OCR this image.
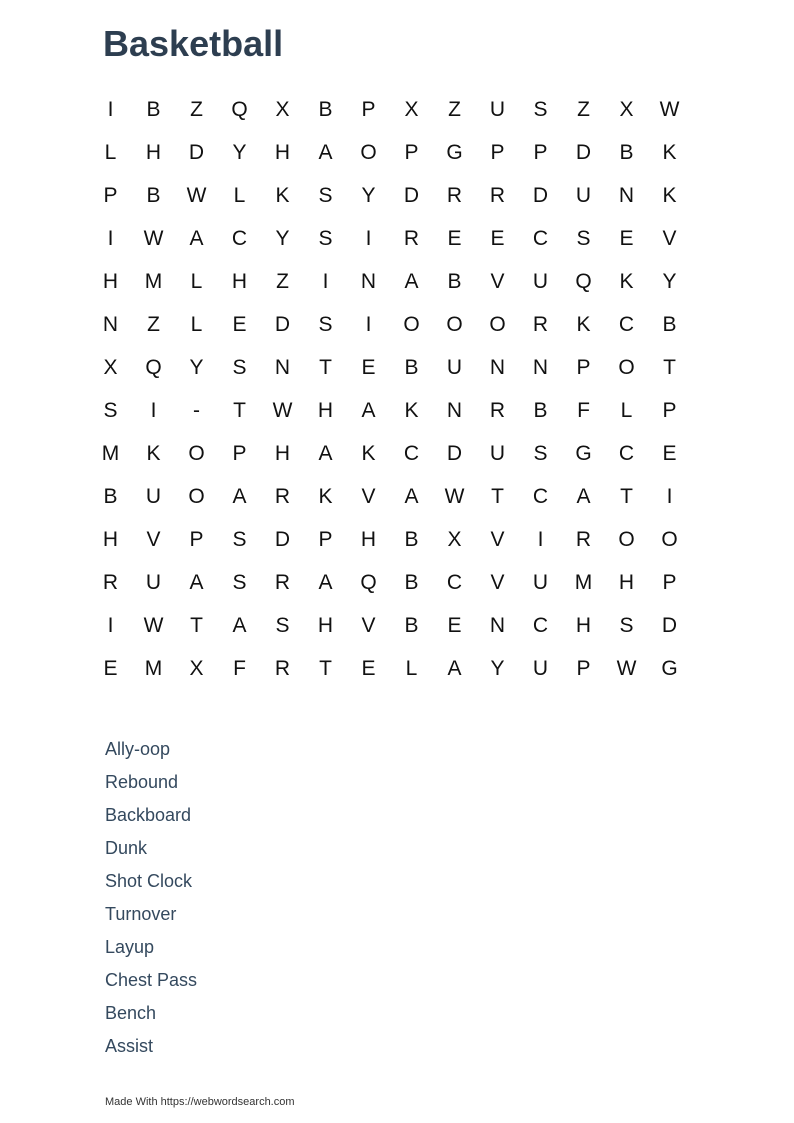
Basketball
I	B	Z	Q	X	B	P	X	Z	U	S	Z	X	W
L	H	D	Y	H	A	O	P	G	P	P	D	B	K
P	B	W	L	K	S	Y	D	R	R	D	U	N	K
I	W	A	C	Y	S	I	R	E	E	C	S	E	V
H	M	L	H	Z	I	N	A	B	V	U	Q	K	Y
N	Z	L	E	D	S	I	O	O	O	R	K	C	B
X	Q	Y	S	N	T	E	B	U	N	N	P	O	T
S	I	-	T	W	H	A	K	N	R	B	F	L	P
M	K	O	P	H	A	K	C	D	U	S	G	C	E
B	U	O	A	R	K	V	A	W	T	C	A	T	I
H	V	P	S	D	P	H	B	X	V	I	R	O	O
R	U	A	S	R	A	Q	B	C	V	U	M	H	P
I	W	T	A	S	H	V	B	E	N	C	H	S	D
E	M	X	F	R	T	E	L	A	Y	U	P	W	G
Ally-oop
Rebound
Backboard
Dunk
Shot Clock
Turnover
Layup
Chest Pass
Bench
Assist
Made With https://webwordsearch.com
